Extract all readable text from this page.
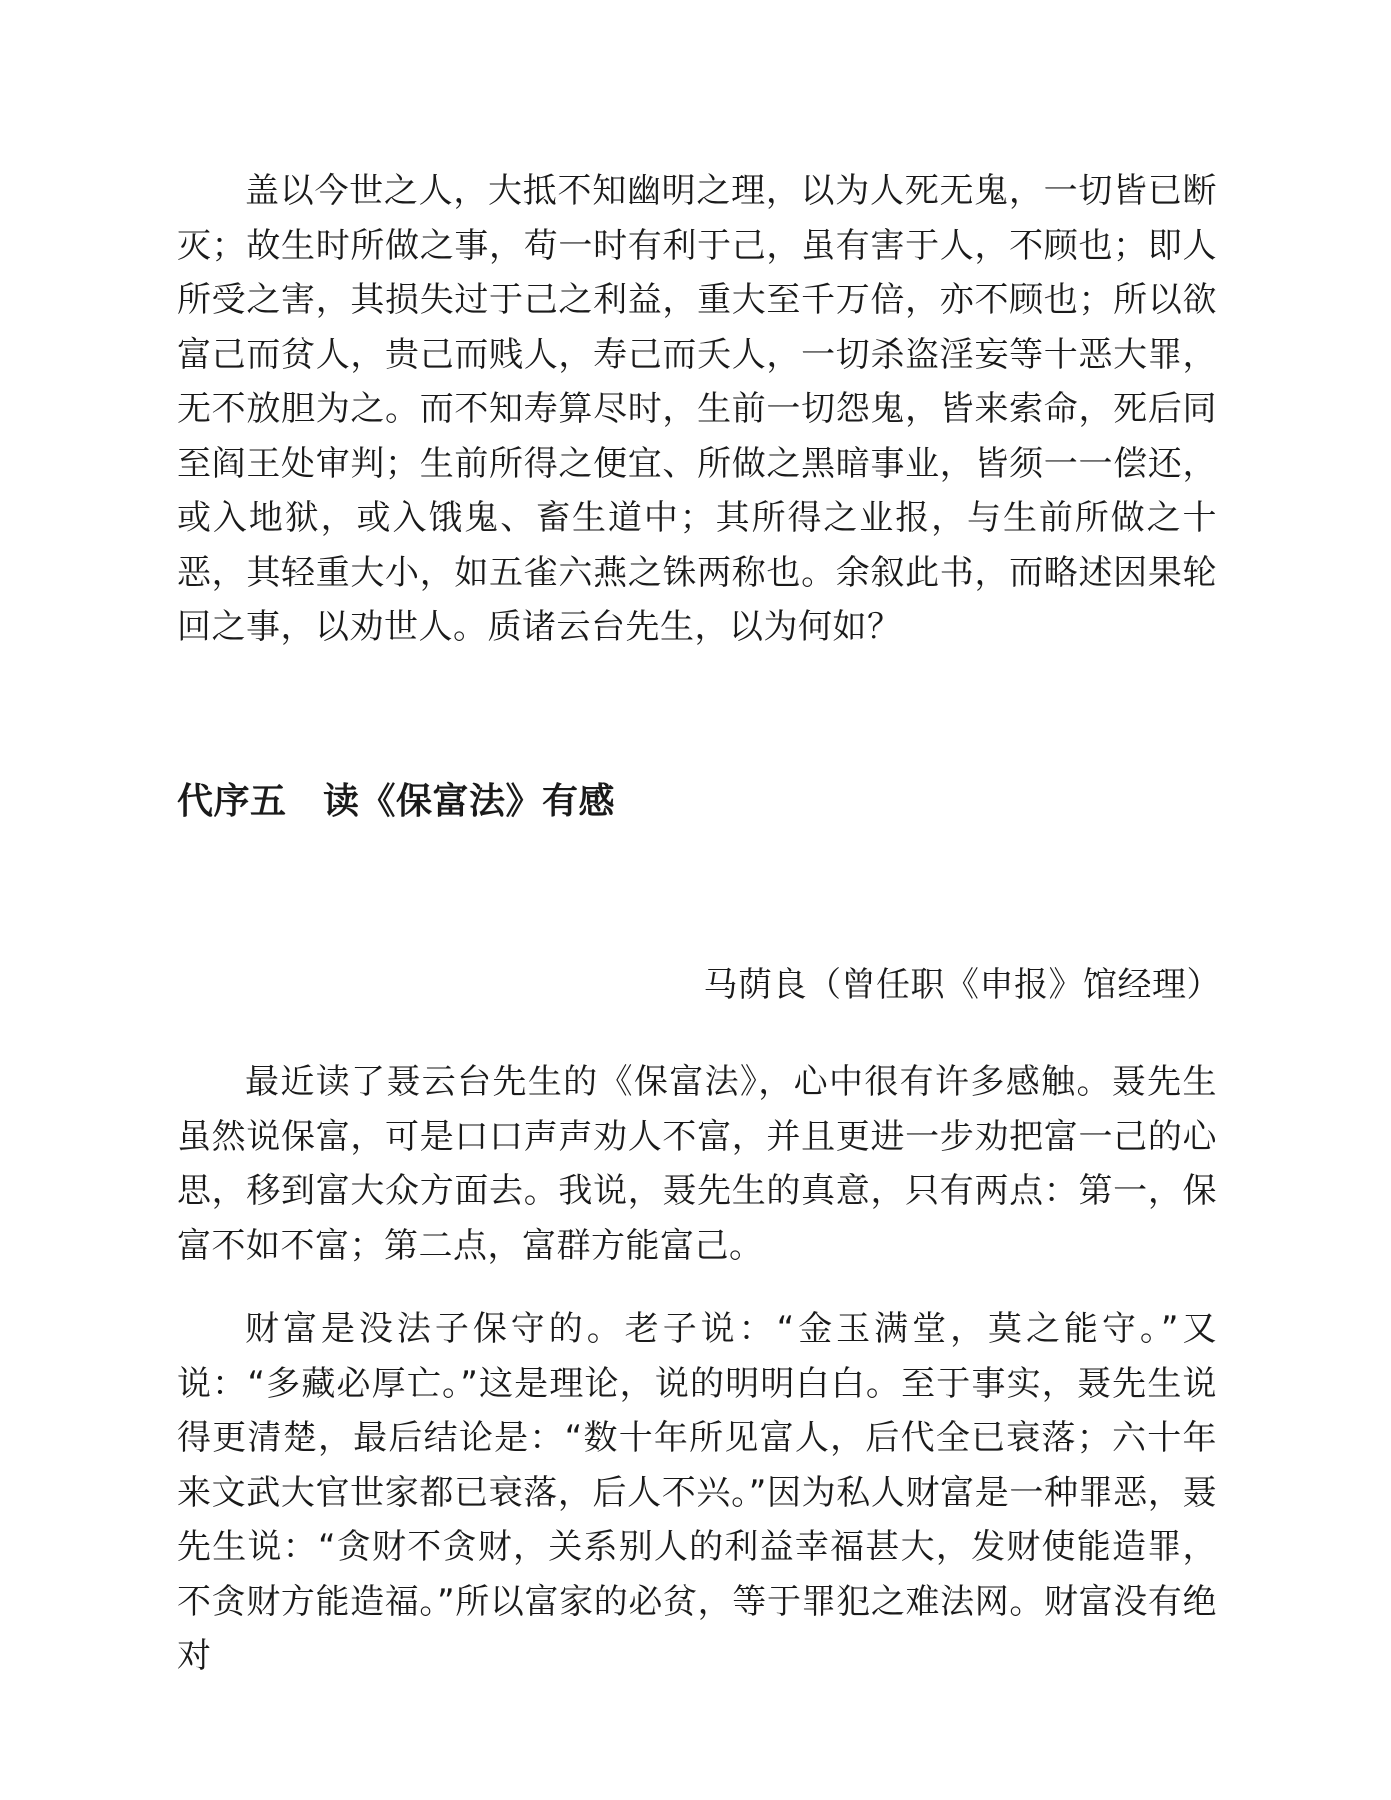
盖以今世之人，大抵不知幽明之理，以为人死无鬼，一切皆已断灭；故生时所做之事，苟一时有利于己，虽有害于人，不顾也；即人所受之害，其损失过于己之利益，重大至千万倍，亦不顾也；所以欲富己而贫人，贵己而贱人，寿己而夭人，一切杀盗淫妄等十恶大罪，无不放胆为之。而不知寿算尽时，生前一切怨鬼，皆来索命，死后同至阎王处审判；生前所得之便宜、所做之黑暗事业，皆须一一偿还，或入地狱，或入饿鬼、畜生道中；其所得之业报，与生前所做之十恶，其轻重大小，如五雀六燕之铢两称也。余叙此书，而略述因果轮回之事，以劝世人。质诸云台先生，以为何如？

代序五　读《保富法》有感

马荫良（曾任职《申报》馆经理）

最近读了聂云台先生的《保富法》，心中很有许多感触。聂先生虽然说保富，可是口口声声劝人不富，并且更进一步劝把富一己的心思，移到富大众方面去。我说，聂先生的真意，只有两点：第一，保富不如不富；第二点，富群方能富己。

财富是没法子保守的。老子说：“金玉满堂，莫之能守。”又说：“多藏必厚亡。”这是理论，说的明明白白。至于事实，聂先生说得更清楚，最后结论是：“数十年所见富人，后代全已衰落；六十年来文武大官世家都已衰落，后人不兴。”因为私人财富是一种罪恶，聂先生说：“贪财不贪财，关系别人的利益幸福甚大，发财使能造罪，不贪财方能造福。”所以富家的必贫，等于罪犯之难法网。财富没有绝对
